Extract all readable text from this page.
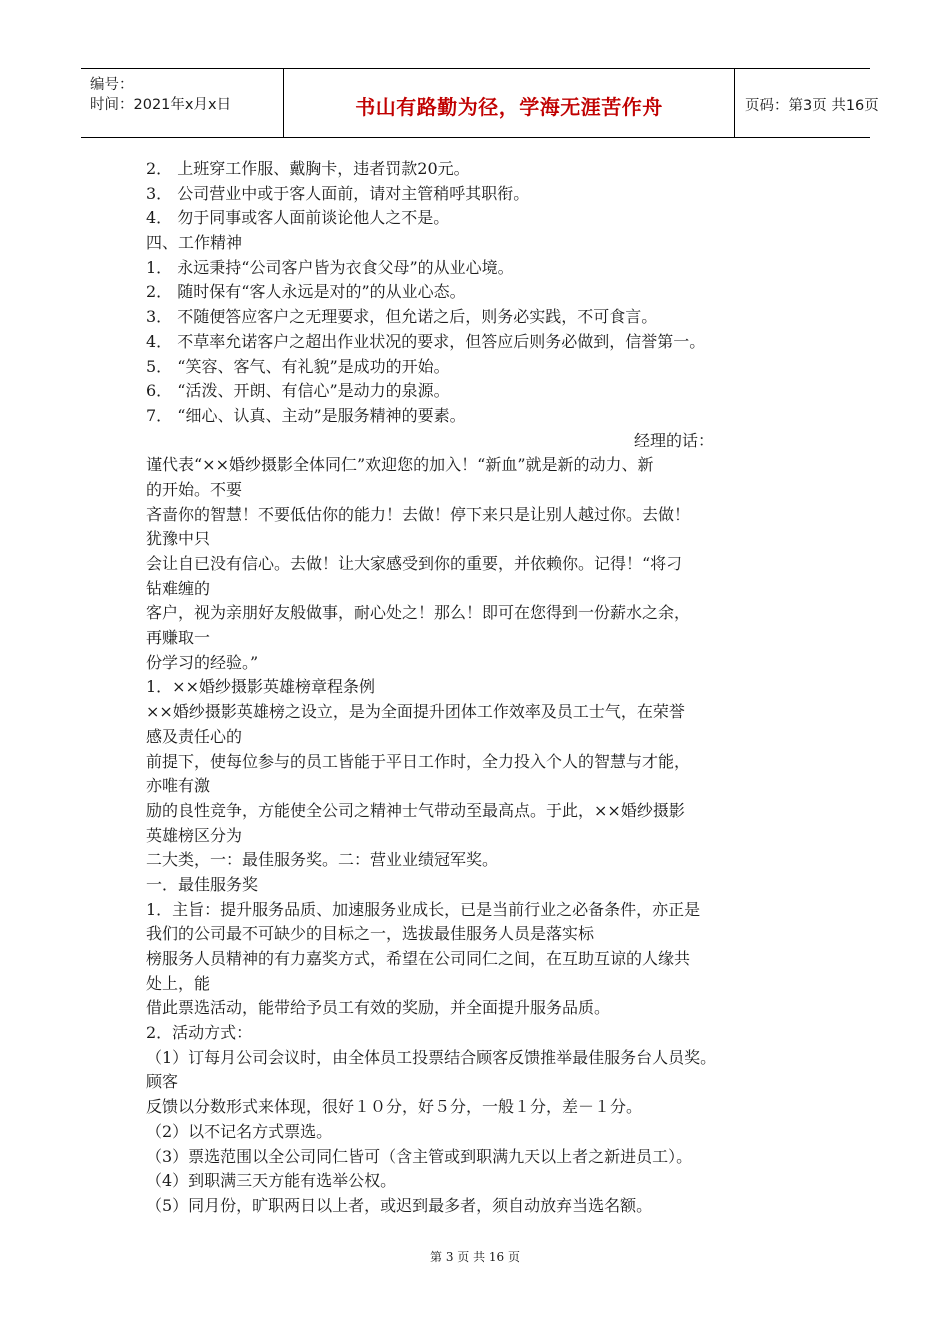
编号：
时间：2021年x月x日	书山有路勤为径，学海无涯苦作舟	页码：第3页 共16页
2． 上班穿工作服、戴胸卡，违者罚款20元。
3． 公司营业中或于客人面前，请对主管稍呼其职衔。
4． 勿于同事或客人面前谈论他人之不是。
四、工作精神
1． 永远秉持“公司客户皆为衣食父母”的从业心境。
2． 随时保有“客人永远是对的”的从业心态。
3． 不随便答应客户之无理要求，但允诺之后，则务必实践，不可食言。
4． 不草率允诺客户之超出作业状况的要求，但答应后则务必做到，信誉第一。
5． “笑容、客气、有礼貌”是成功的开始。
6． “活泼、开朗、有信心”是动力的泉源。
7． “细心、认真、主动”是服务精神的要素。
经理的话：
谨代表“××婚纱摄影全体同仁”欢迎您的加入！“新血”就是新的动力、新
的开始。不要
吝啬你的智慧！不要低估你的能力！去做！停下来只是让别人越过你。去做！
犹豫中只
会让自已没有信心。去做！让大家感受到你的重要，并依赖你。记得！“将刁
钻难缠的
客户，视为亲朋好友般做事，耐心处之！那么！即可在您得到一份薪水之余，
再赚取一
份学习的经验。”
1．××婚纱摄影英雄榜章程条例
××婚纱摄影英雄榜之设立，是为全面提升团体工作效率及员工士气，在荣誉
感及责任心的
前提下，使每位参与的员工皆能于平日工作时，全力投入个人的智慧与才能，
亦唯有激
励的良性竞争，方能使全公司之精神士气带动至最高点。于此，××婚纱摄影
英雄榜区分为
二大类，一：最佳服务奖。二：营业业绩冠军奖。
一．最佳服务奖
1．主旨：提升服务品质、加速服务业成长，已是当前行业之必备条件，亦正是
我们的公司最不可缺少的目标之一，选拔最佳服务人员是落实标
榜服务人员精神的有力嘉奖方式，希望在公司同仁之间，在互助互谅的人缘共
处上，能
借此票选活动，能带给予员工有效的奖励，并全面提升服务品质。
2．活动方式：
（1）订每月公司会议时，由全体员工投票结合顾客反馈推举最佳服务台人员奖。
顾客
反馈以分数形式来体现，很好１０分，好５分，一般１分，差－１分。
（2）以不记名方式票选。
（3）票选范围以全公司同仁皆可（含主管或到职满九天以上者之新进员工）。
（4）到职满三天方能有选举公权。
（5）同月份，旷职两日以上者，或迟到最多者，须自动放弃当选名额。
第 3 页 共 16 页
